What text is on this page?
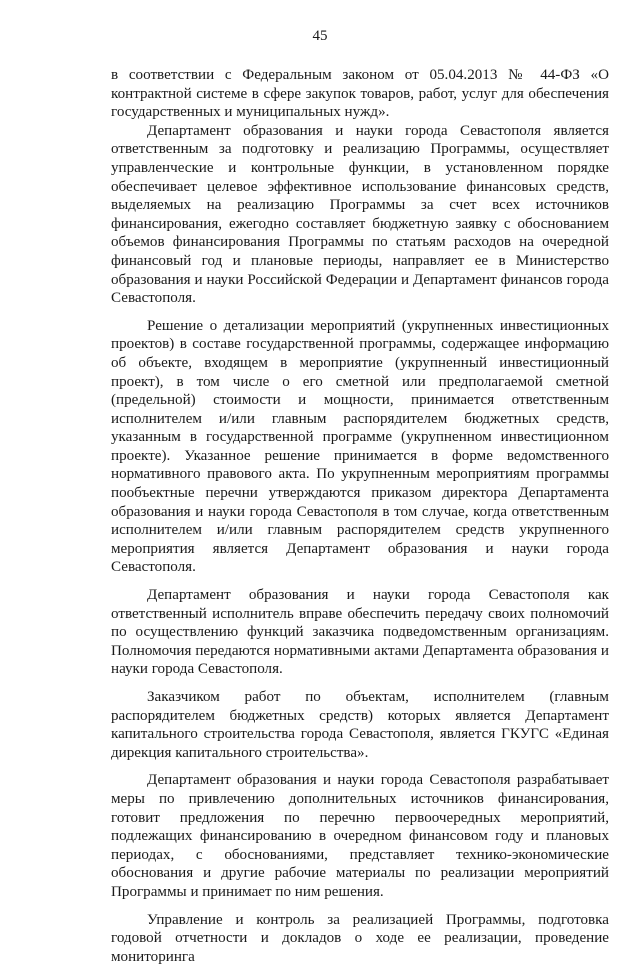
45

в соответствии с Федеральным законом от 05.04.2013 № 44-ФЗ «О контрактной системе в сфере закупок товаров, работ, услуг для обеспечения государственных и муниципальных нужд».

Департамент образования и науки города Севастополя является ответственным за подготовку и реализацию Программы, осуществляет управленческие и контрольные функции, в установленном порядке обеспечивает целевое эффективное использование финансовых средств, выделяемых на реализацию Программы за счет всех источников финансирования, ежегодно составляет бюджетную заявку с обоснованием объемов финансирования Программы по статьям расходов на очередной финансовый год и плановые периоды, направляет ее в Министерство образования и науки Российской Федерации и Департамент финансов города Севастополя.

Решение о детализации мероприятий (укрупненных инвестиционных проектов) в составе государственной программы, содержащее информацию об объекте, входящем в мероприятие (укрупненный инвестиционный проект), в том числе о его сметной или предполагаемой сметной (предельной) стоимости и мощности, принимается ответственным исполнителем и/или главным распорядителем бюджетных средств, указанным в государственной программе (укрупненном инвестиционном проекте). Указанное решение принимается в форме ведомственного нормативного правового акта. По укрупненным мероприятиям программы пообъектные перечни утверждаются приказом директора Департамента образования и науки города Севастополя в том случае, когда ответственным исполнителем и/или главным распорядителем средств укрупненного мероприятия является Департамент образования и науки города Севастополя.

Департамент образования и науки города Севастополя как ответственный исполнитель вправе обеспечить передачу своих полномочий по осуществлению функций заказчика подведомственным организациям. Полномочия передаются нормативными актами Департамента образования и науки города Севастополя.

Заказчиком работ по объектам, исполнителем (главным распорядителем бюджетных средств) которых является Департамент капитального строительства города Севастополя, является ГКУГС «Единая дирекция капитального строительства».

Департамент образования и науки города Севастополя разрабатывает меры по привлечению дополнительных источников финансирования, готовит предложения по перечню первоочередных мероприятий, подлежащих финансированию в очередном финансовом году и плановых периодах, с обоснованиями, представляет технико-экономические обоснования и другие рабочие материалы по реализации мероприятий Программы и принимает по ним решения.

Управление и контроль за реализацией Программы, подготовка годовой отчетности и докладов о ходе ее реализации, проведение мониторинга
